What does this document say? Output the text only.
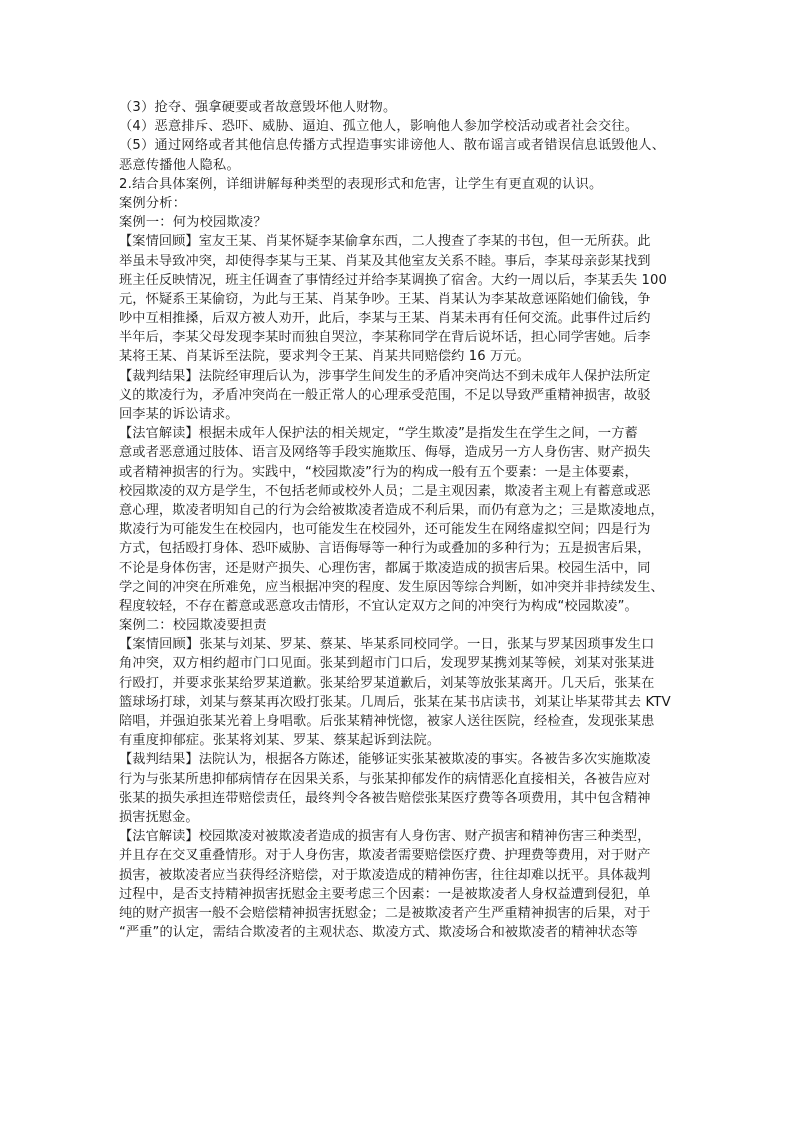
（3）抢夺、强拿硬要或者故意毁坏他人财物。
（4）恶意排斥、恐吓、威胁、逼迫、孤立他人，影响他人参加学校活动或者社会交往。
（5）通过网络或者其他信息传播方式捏造事实诽谤他人、散布谣言或者错误信息诋毁他人、
恶意传播他人隐私。
2.结合具体案例，详细讲解每种类型的表现形式和危害，让学生有更直观的认识。
案例分析：
案例一：何为校园欺凌？
【案情回顾】室友王某、肖某怀疑李某偷拿东西，二人搜查了李某的书包，但一无所获。此
举虽未导致冲突，却使得李某与王某、肖某及其他室友关系不睦。事后，李某母亲彭某找到
班主任反映情况，班主任调查了事情经过并给李某调换了宿舍。大约一周以后，李某丢失 100
元，怀疑系王某偷窃，为此与王某、肖某争吵。王某、肖某认为李某故意诬陷她们偷钱，争
吵中互相推搡，后双方被人劝开，此后，李某与王某、肖某未再有任何交流。此事件过后约
半年后，李某父母发现李某时而独自哭泣，李某称同学在背后说坏话，担心同学害她。后李
某将王某、肖某诉至法院，要求判令王某、肖某共同赔偿约 16 万元。
【裁判结果】法院经审理后认为，涉事学生间发生的矛盾冲突尚达不到未成年人保护法所定
义的欺凌行为，矛盾冲突尚在一般正常人的心理承受范围，不足以导致严重精神损害，故驳
回李某的诉讼请求。
【法官解读】根据未成年人保护法的相关规定，“学生欺凌”是指发生在学生之间，一方蓄
意或者恶意通过肢体、语言及网络等手段实施欺压、侮辱，造成另一方人身伤害、财产损失
或者精神损害的行为。实践中，“校园欺凌”行为的构成一般有五个要素：一是主体要素，
校园欺凌的双方是学生，不包括老师或校外人员；二是主观因素，欺凌者主观上有蓄意或恶
意心理，欺凌者明知自己的行为会给被欺凌者造成不利后果，而仍有意为之；三是欺凌地点，
欺凌行为可能发生在校园内，也可能发生在校园外，还可能发生在网络虚拟空间；四是行为
方式，包括殴打身体、恐吓威胁、言语侮辱等一种行为或叠加的多种行为；五是损害后果，
不论是身体伤害，还是财产损失、心理伤害，都属于欺凌造成的损害后果。校园生活中，同
学之间的冲突在所难免，应当根据冲突的程度、发生原因等综合判断，如冲突并非持续发生、
程度较轻，不存在蓄意或恶意攻击情形，不宜认定双方之间的冲突行为构成“校园欺凌”。
案例二：校园欺凌要担责
【案情回顾】张某与刘某、罗某、蔡某、毕某系同校同学。一日，张某与罗某因琐事发生口
角冲突，双方相约超市门口见面。张某到超市门口后，发现罗某携刘某等候，刘某对张某进
行殴打，并要求张某给罗某道歉。张某给罗某道歉后，刘某等放张某离开。几天后，张某在
篮球场打球，刘某与蔡某再次殴打张某。几周后，张某在某书店读书，刘某让毕某带其去 KTV
陪唱，并强迫张某光着上身唱歌。后张某精神恍惚，被家人送往医院，经检查，发现张某患
有重度抑郁症。张某将刘某、罗某、蔡某起诉到法院。
【裁判结果】法院认为，根据各方陈述，能够证实张某被欺凌的事实。各被告多次实施欺凌
行为与张某所患抑郁病情存在因果关系，与张某抑郁发作的病情恶化直接相关，各被告应对
张某的损失承担连带赔偿责任，最终判令各被告赔偿张某医疗费等各项费用，其中包含精神
损害抚慰金。
【法官解读】校园欺凌对被欺凌者造成的损害有人身伤害、财产损害和精神伤害三种类型，
并且存在交叉重叠情形。对于人身伤害，欺凌者需要赔偿医疗费、护理费等费用，对于财产
损害，被欺凌者应当获得经济赔偿，对于欺凌造成的精神伤害，往往却难以抚平。具体裁判
过程中，是否支持精神损害抚慰金主要考虑三个因素：一是被欺凌者人身权益遭到侵犯，单
纯的财产损害一般不会赔偿精神损害抚慰金；二是被欺凌者产生严重精神损害的后果，对于
“严重”的认定，需结合欺凌者的主观状态、欺凌方式、欺凌场合和被欺凌者的精神状态等
